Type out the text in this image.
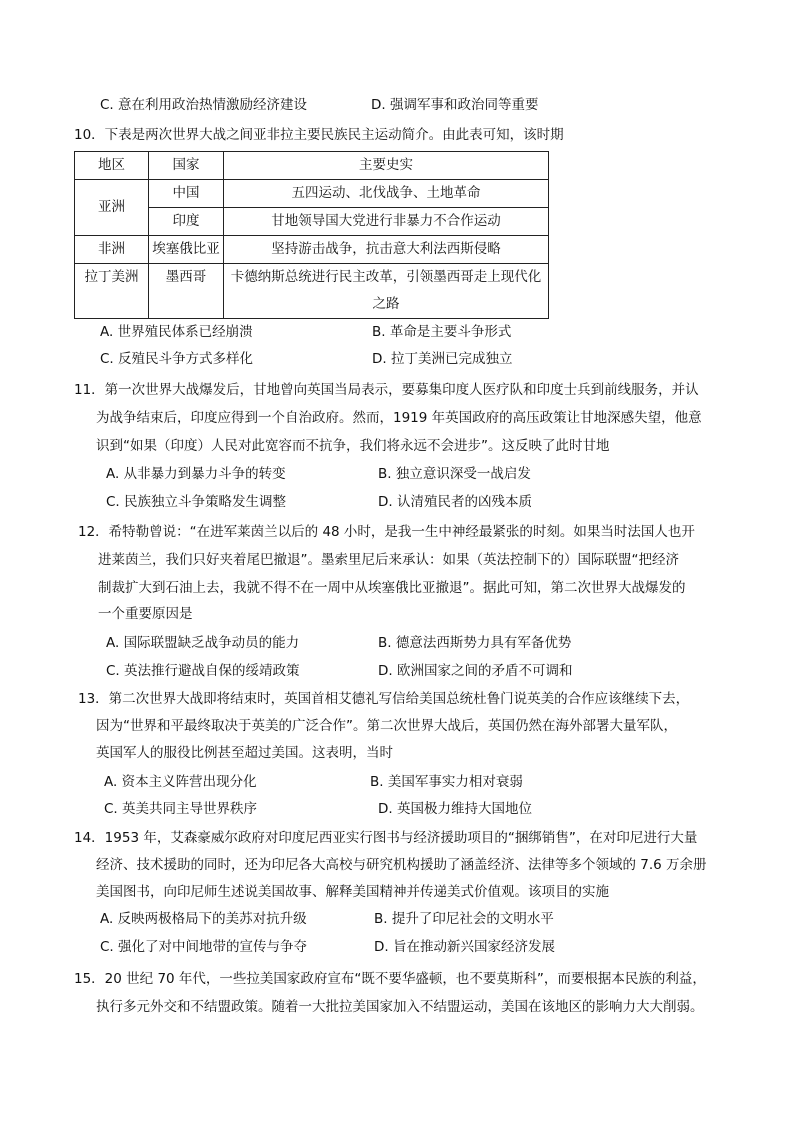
C. 意在利用政治热情激励经济建设	D. 强调军事和政治同等重要
10．下表是两次世界大战之间亚非拉主要民族民主运动简介。由此表可知，该时期
地区	国家	主要史实
亚洲	中国	五四运动、北伐战争、土地革命
	印度	甘地领导国大党进行非暴力不合作运动
非洲	埃塞俄比亚	坚持游击战争，抗击意大利法西斯侵略
拉丁美洲	墨西哥	卡德纳斯总统进行民主改革，引领墨西哥走上现代化
之路
A. 世界殖民体系已经崩溃	B. 革命是主要斗争形式
C. 反殖民斗争方式多样化	D. 拉丁美洲已完成独立
11．第一次世界大战爆发后，甘地曾向英国当局表示，要募集印度人医疗队和印度士兵到前线服务，并认
为战争结束后，印度应得到一个自治政府。然而，1919 年英国政府的高压政策让甘地深感失望，他意
识到“如果（印度）人民对此宽容而不抗争，我们将永远不会进步”。这反映了此时甘地
A. 从非暴力到暴力斗争的转变	B. 独立意识深受一战启发
C. 民族独立斗争策略发生调整	D. 认清殖民者的凶残本质
12．希特勒曾说：“在进军莱茵兰以后的 48 小时，是我一生中神经最紧张的时刻。如果当时法国人也开
进莱茵兰，我们只好夹着尾巴撤退”。墨索里尼后来承认：如果（英法控制下的）国际联盟“把经济
制裁扩大到石油上去，我就不得不在一周中从埃塞俄比亚撤退”。据此可知，第二次世界大战爆发的
一个重要原因是
A. 国际联盟缺乏战争动员的能力	B. 德意法西斯势力具有军备优势
C. 英法推行避战自保的绥靖政策	D. 欧洲国家之间的矛盾不可调和
13．第二次世界大战即将结束时，英国首相艾德礼写信给美国总统杜鲁门说英美的合作应该继续下去，
因为“世界和平最终取决于英美的广泛合作”。第二次世界大战后，英国仍然在海外部署大量军队，
英国军人的服役比例甚至超过美国。这表明，当时
A. 资本主义阵营出现分化	B. 美国军事实力相对衰弱
C. 英美共同主导世界秩序	D. 英国极力维持大国地位
14．1953 年，艾森豪威尔政府对印度尼西亚实行图书与经济援助项目的“捆绑销售”，在对印尼进行大量
经济、技术援助的同时，还为印尼各大高校与研究机构援助了涵盖经济、法律等多个领域的 7.6 万余册
美国图书，向印尼师生述说美国故事、解释美国精神并传递美式价值观。该项目的实施
A. 反映两极格局下的美苏对抗升级	B. 提升了印尼社会的文明水平
C. 强化了对中间地带的宣传与争夺	D. 旨在推动新兴国家经济发展
15．20 世纪 70 年代，一些拉美国家政府宣布“既不要华盛顿，也不要莫斯科”，而要根据本民族的利益，
执行多元外交和不结盟政策。随着一大批拉美国家加入不结盟运动，美国在该地区的影响力大大削弱。
